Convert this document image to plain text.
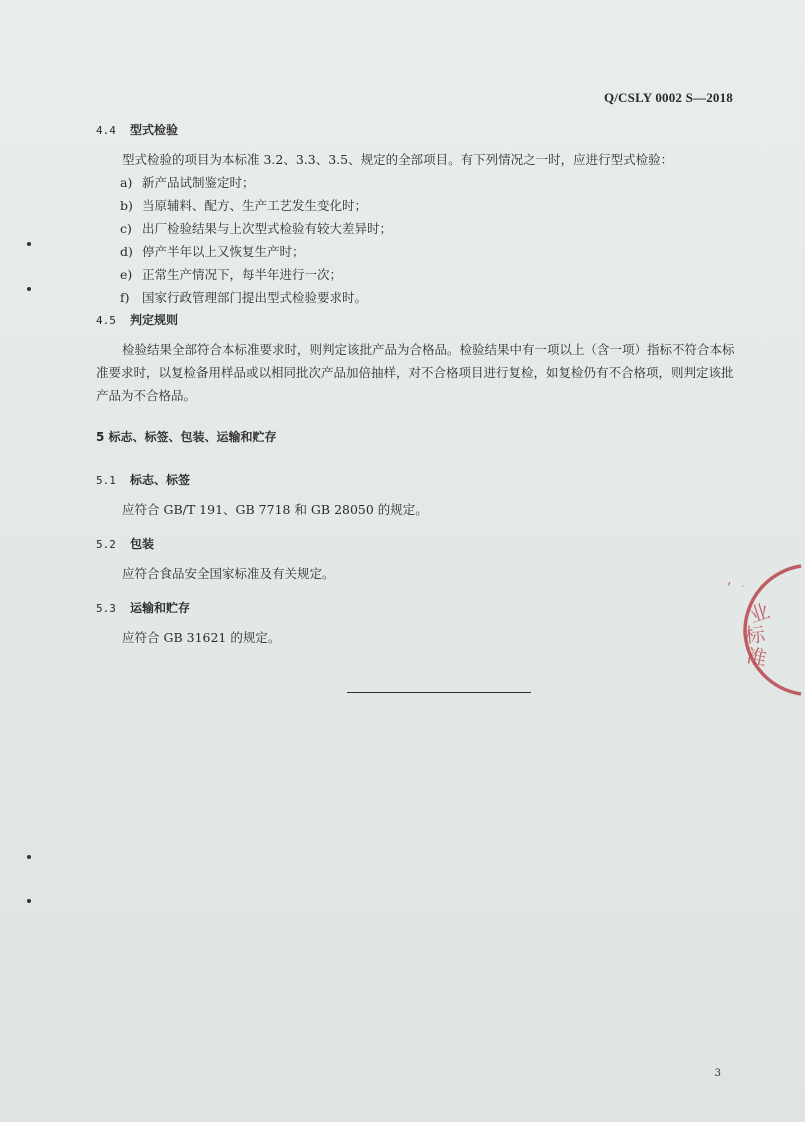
Q/CSLY 0002 S—2018
4.4 型式检验
型式检验的项目为本标准 3.2、3.3、3.5、规定的全部项目。有下列情况之一时，应进行型式检验：
a) 新产品试制鉴定时；
b) 当原辅料、配方、生产工艺发生变化时；
c) 出厂检验结果与上次型式检验有较大差异时；
d) 停产半年以上又恢复生产时；
e) 正常生产情况下，每半年进行一次；
f) 国家行政管理部门提出型式检验要求时。
4.5 判定规则

检验结果全部符合本标准要求时，则判定该批产品为合格品。检验结果中有一项以上（含一项）指标不符合本标准要求时，以复检备用样品或以相同批次产品加倍抽样，对不合格项目进行复检，如复检仍有不合格项，则判定该批产品为不合格品。

5 标志、标签、包装、运输和贮存
5.1 标志、标签
应符合 GB/T 191、GB 7718 和 GB 28050 的规定。
5.2 包装
应符合食品安全国家标准及有关规定。
5.3 运输和贮存
应符合 GB 31621 的规定。
, ·
业
标
准
3
